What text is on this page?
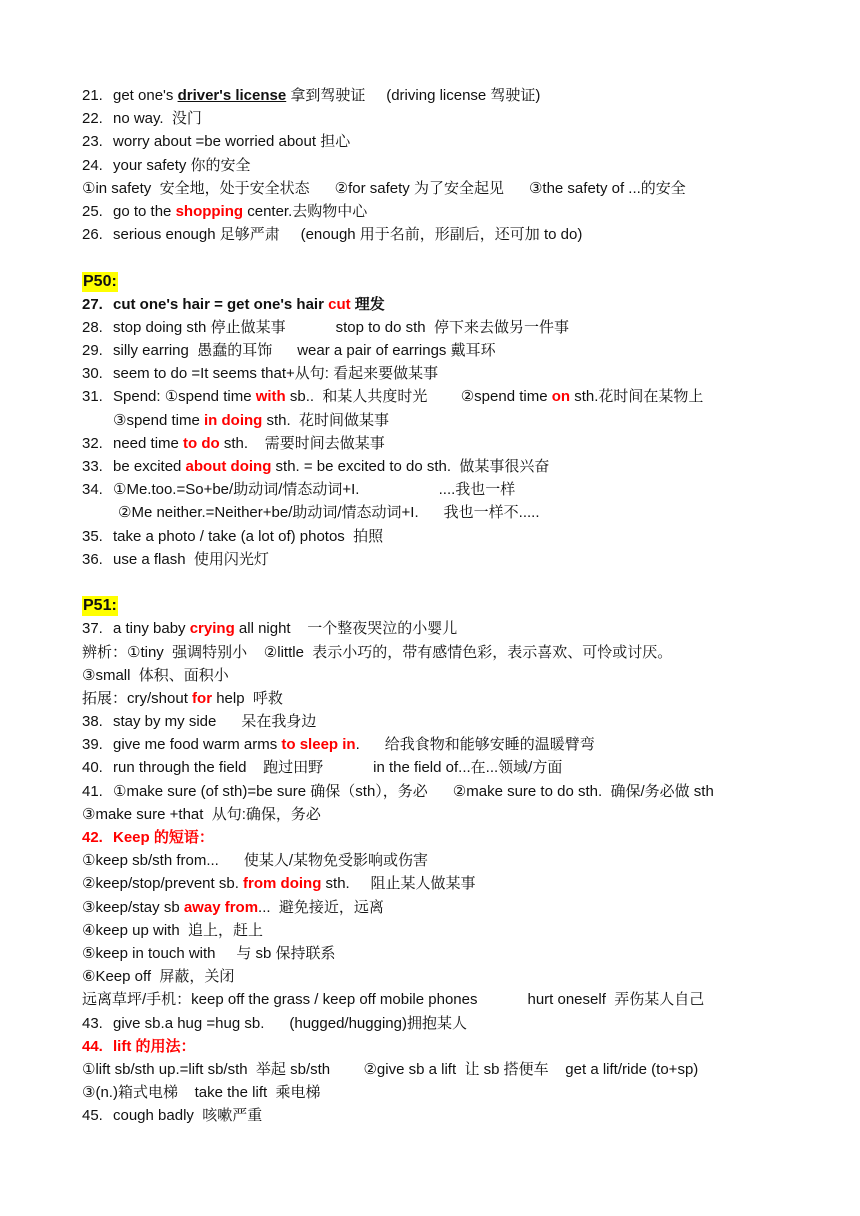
21. get one's driver's license 拿到驾驶证     (driving license 驾驶证)
22. no way.  没门
23. worry about =be worried about 担心
24. your safety 你的安全
①in safety  安全地，处于安全状态      ②for safety 为了安全起见      ③the safety of ...的安全
25. go to the shopping center.去购物中心
26. serious enough 足够严肃     (enough 用于名前，形副后，还可加 to do)
P50:
27. cut one's hair = get one's hair cut 理发
28. stop doing sth 停止做某事            stop to do sth  停下来去做另一件事
29. silly earring  愚蠢的耳饰      wear a pair of earrings 戴耳环
30. seem to do =It seems that+从句: 看起来要做某事
31. Spend: ①spend time with sb..  和某人共度时光        ②spend time on sth.花时间在某物上
③spend time in doing sth.  花时间做某事
32. need time to do sth.    需要时间去做某事
33. be excited about doing sth. = be excited to do sth.  做某事很兴奋
34. ①Me.too.=So+be/助动词/情态动词+I.                   ....我也一样
②Me neither.=Neither+be/助动词/情态动词+I.      我也一样不.....
35. take a photo / take (a lot of) photos  拍照
36. use a flash  使用闪光灯
P51:
37. a tiny baby crying all night    一个整夜哭泣的小婴儿
辨析：①tiny  强调特别小    ②little  表示小巧的，带有感情色彩，表示喜欢、可怜或讨厌。
③small  体积、面积小
拓展：cry/shout for help  呼救
38. stay by my side      呆在我身边
39. give me food warm arms to sleep in.      给我食物和能够安睡的温暖臂弯
40. run through the field    跑过田野            in the field of...在...领域/方面
41. ①make sure (of sth)=be sure 确保（sth），务必      ②make sure to do sth.  确保/务必做 sth
③make sure +that  从句:确保，务必
42. Keep 的短语：
①keep sb/sth from...      使某人/某物免受影响或伤害
②keep/stop/prevent sb. from doing sth.     阻止某人做某事
③keep/stay sb away from...  避免接近，远离
④keep up with  追上，赶上
⑤keep in touch with     与 sb 保持联系
⑥Keep off  屏蔽，关闭
远离草坪/手机：keep off the grass / keep off mobile phones            hurt oneself  弄伤某人自己
43. give sb.a hug =hug sb.      (hugged/hugging)拥抱某人
44. lift 的用法：
①lift sb/sth up.=lift sb/sth  举起 sb/sth        ②give sb a lift  让 sb 搭便车    get a lift/ride (to+sp)
③(n.)箱式电梯    take the lift  乘电梯
45. cough badly  咳嗽严重
